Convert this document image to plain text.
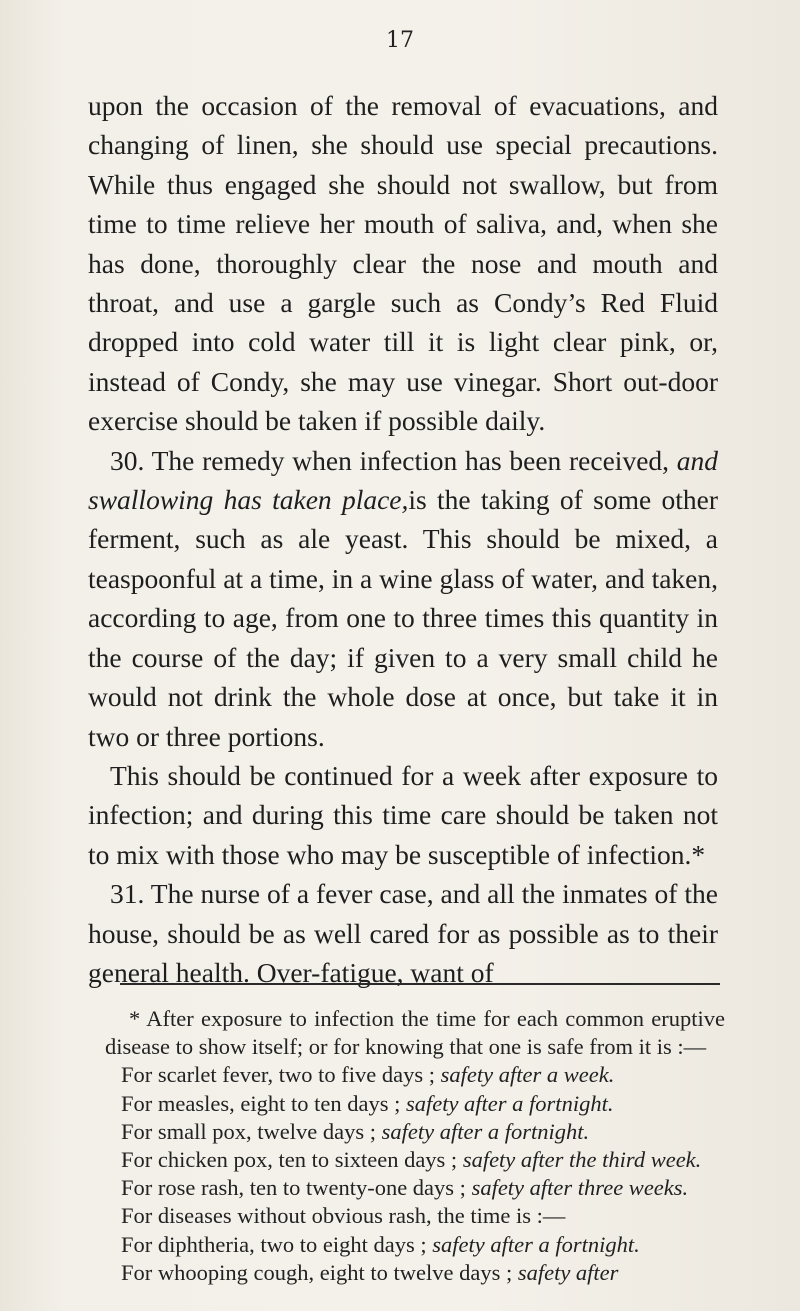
17

upon the occasion of the removal of evacuations, and changing of linen, she should use special precautions. While thus engaged she should not swallow, but from time to time relieve her mouth of saliva, and, when she has done, thoroughly clear the nose and mouth and throat, and use a gargle such as Condy’s Red Fluid dropped into cold water till it is light clear pink, or, instead of Condy, she may use vinegar. Short out-door exercise should be taken if possible daily.

30. The remedy when infection has been received, and swallowing has taken place,is the taking of some other ferment, such as ale yeast. This should be mixed, a teaspoonful at a time, in a wine glass of water, and taken, according to age, from one to three times this quantity in the course of the day; if given to a very small child he would not drink the whole dose at once, but take it in two or three portions.

This should be continued for a week after exposure to infection; and during this time care should be taken not to mix with those who may be susceptible of infection.*

31. The nurse of a fever case, and all the inmates of the house, should be as well cared for as possible as to their general health. Over-fatigue, want of

* After exposure to infection the time for each common eruptive disease to show itself; or for knowing that one is safe from it is :—

For scarlet fever, two to five days ; safety after a week.

For measles, eight to ten days ; safety after a fortnight.

For small pox, twelve days ; safety after a fortnight.

For chicken pox, ten to sixteen days ; safety after the third week.

For rose rash, ten to twenty-one days ; safety after three weeks.

For diseases without obvious rash, the time is :—

For diphtheria, two to eight days ; safety after a fortnight.

For whooping cough, eight to twelve days ; safety after
